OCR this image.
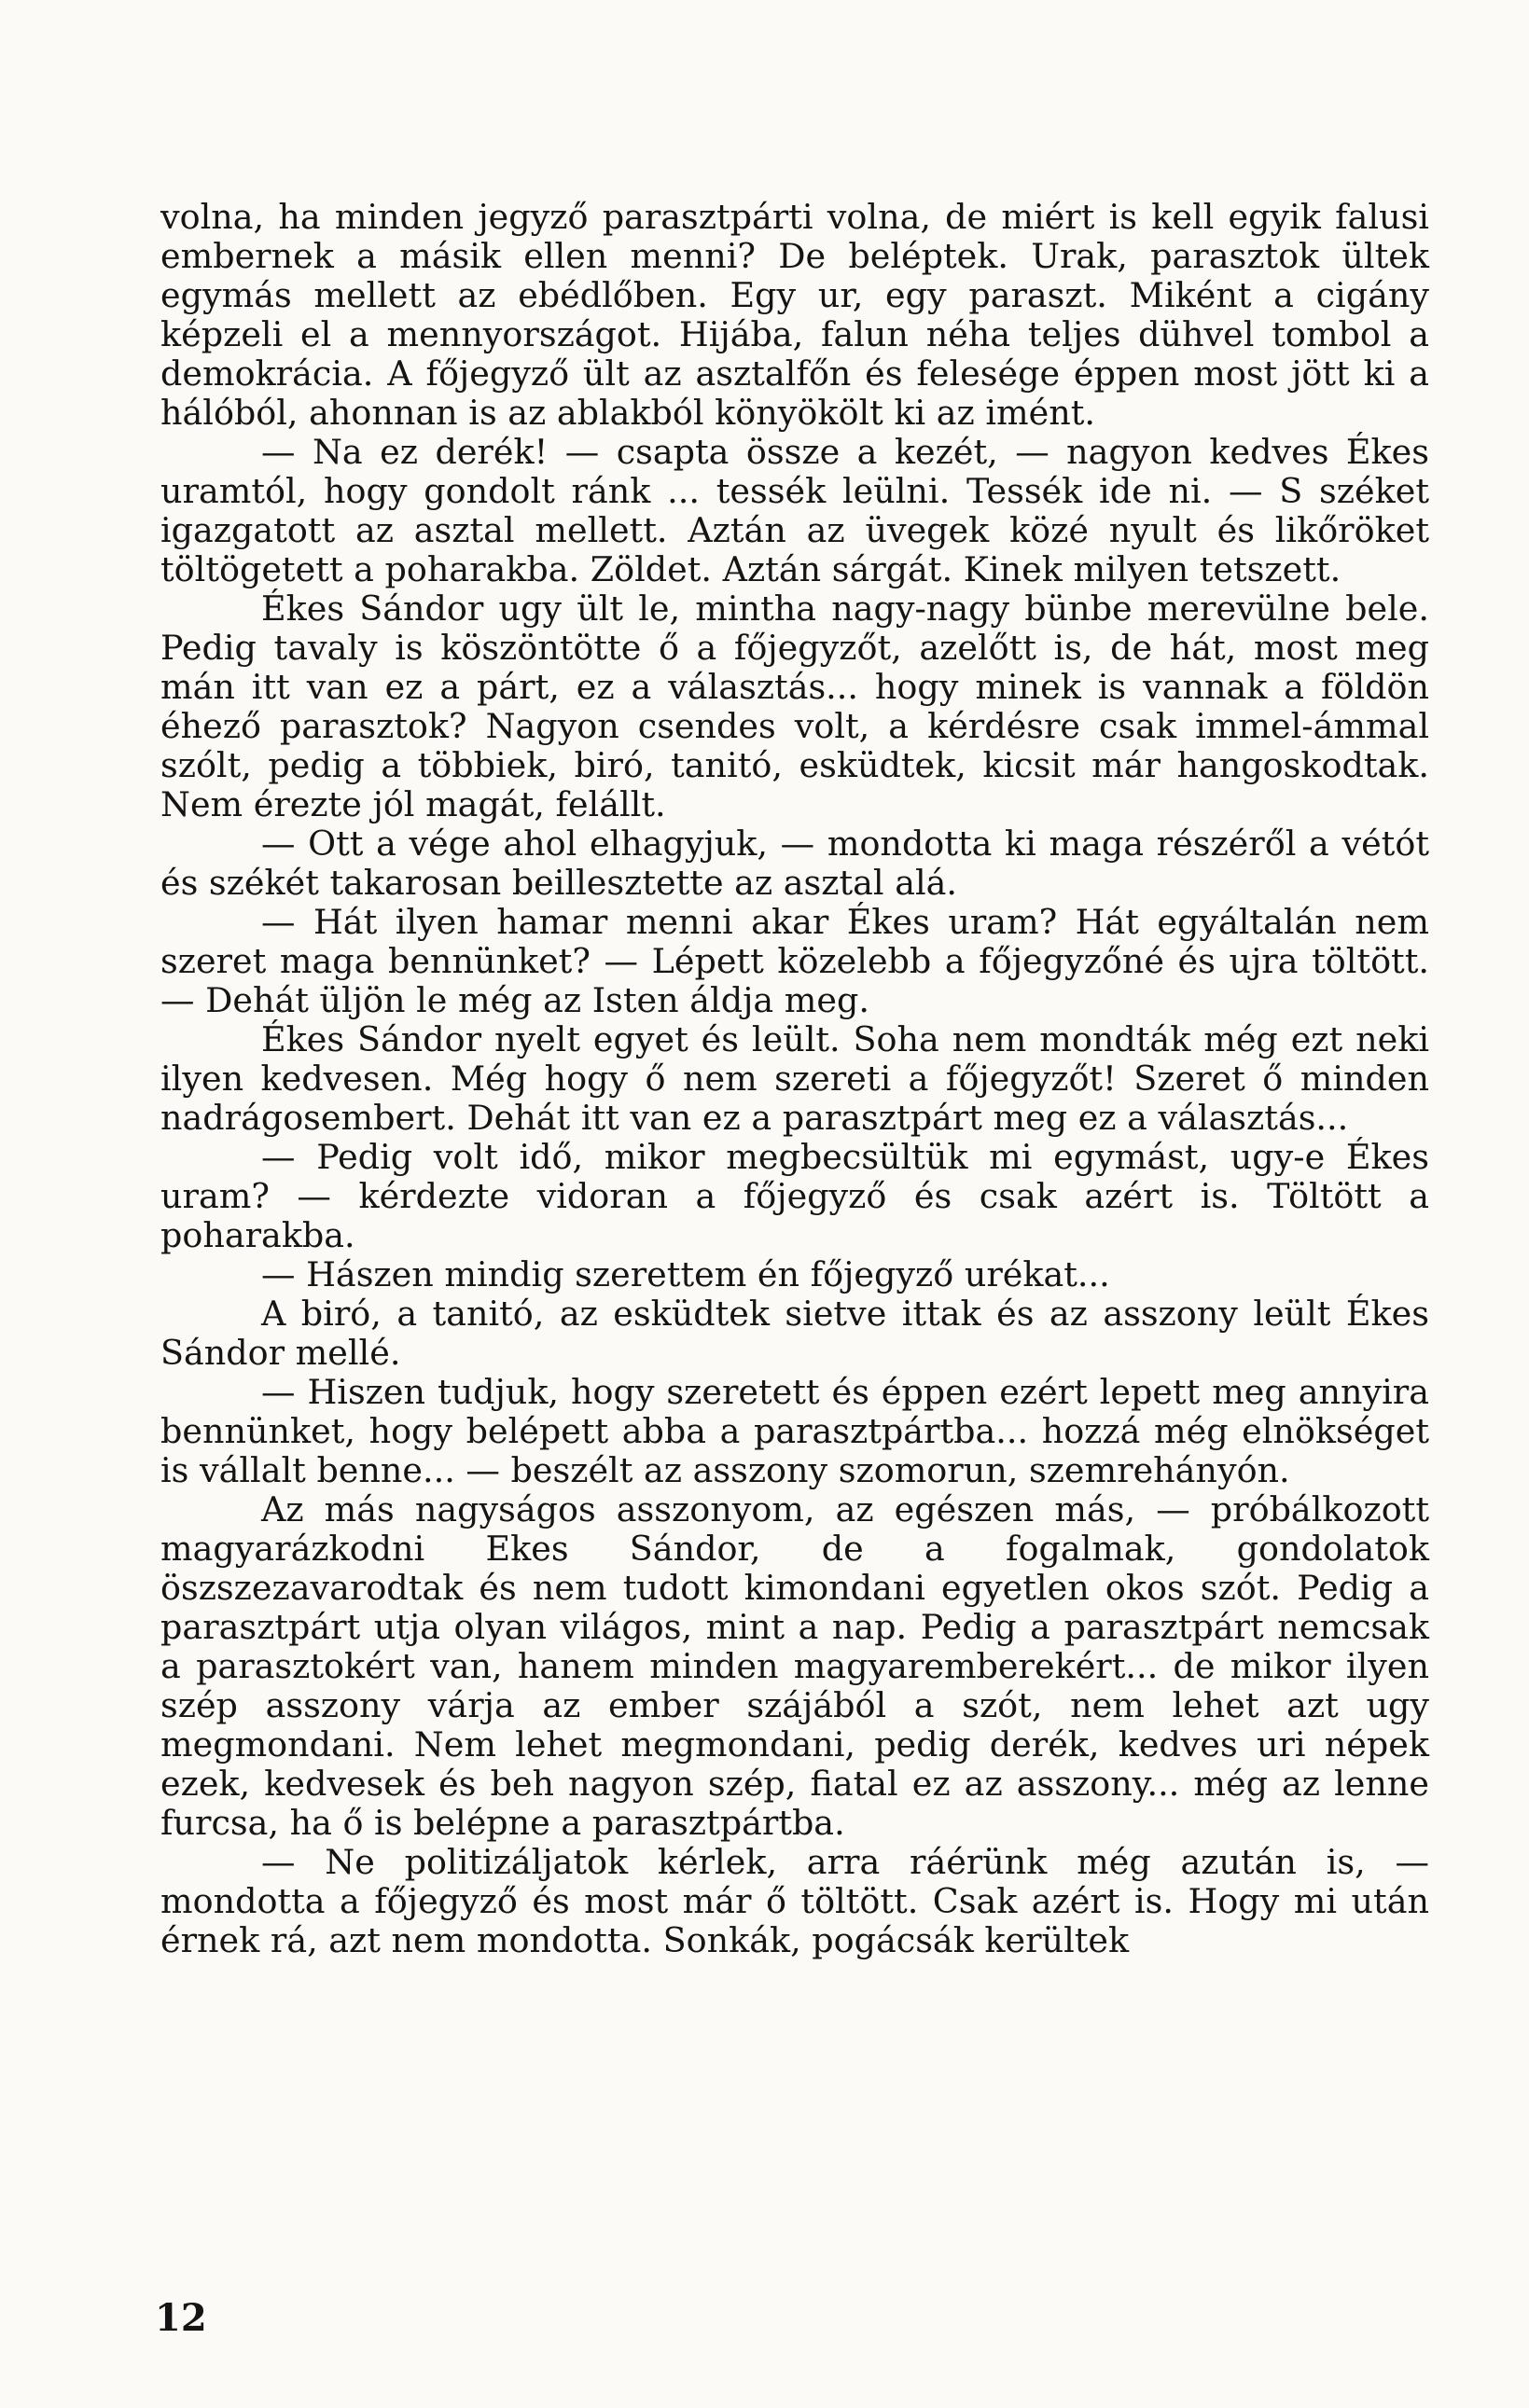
volna, ha minden jegyző parasztpárti volna, de miért is kell egyik falusi embernek a másik ellen menni? De beléptek. Urak, parasztok ültek egymás mellett az ebédlőben. Egy ur, egy paraszt. Miként a cigány képzeli el a mennyországot. Hijába, falun néha teljes dühvel tombol a demokrácia. A főjegyző ült az asztalfőn és felesége éppen most jött ki a hálóból, ahonnan is az ablakból könyökölt ki az imént.

— Na ez derék! — csapta össze a kezét, — nagyon kedves Ékes uramtól, hogy gondolt ránk ... tessék leülni. Tessék ide ni. — S széket igazgatott az asztal mellett. Aztán az üvegek közé nyult és likőröket töltögetett a poharakba. Zöldet. Aztán sárgát. Kinek milyen tetszett.

Ékes Sándor ugy ült le, mintha nagy-nagy bünbe merevülne bele. Pedig tavaly is köszöntötte ő a főjegyzőt, azelőtt is, de hát, most meg mán itt van ez a párt, ez a választás... hogy minek is vannak a földön éhező parasztok? Nagyon csendes volt, a kérdésre csak immel-ámmal szólt, pedig a többiek, biró, tanitó, esküdtek, kicsit már hangoskodtak. Nem érezte jól magát, felállt.

— Ott a vége ahol elhagyjuk, — mondotta ki maga részéről a vétót és székét takarosan beillesztette az asztal alá.

— Hát ilyen hamar menni akar Ékes uram? Hát egyáltalán nem szeret maga bennünket? — Lépett közelebb a főjegyzőné és ujra töltött. — Dehát üljön le még az Isten áldja meg.

Ékes Sándor nyelt egyet és leült. Soha nem mondták még ezt neki ilyen kedvesen. Még hogy ő nem szereti a főjegyzőt! Szeret ő minden nadrágosembert. Dehát itt van ez a parasztpárt meg ez a választás...

— Pedig volt idő, mikor megbecsültük mi egymást, ugy-e Ékes uram? — kérdezte vidoran a főjegyző és csak azért is. Töltött a poharakba.

— Hászen mindig szerettem én főjegyző urékat...

A biró, a tanitó, az esküdtek sietve ittak és az asszony leült Ékes Sándor mellé.

— Hiszen tudjuk, hogy szeretett és éppen ezért lepett meg annyira bennünket, hogy belépett abba a parasztpártba... hozzá még elnökséget is vállalt benne... — beszélt az asszony szomorun, szemrehányón.

Az más nagyságos asszonyom, az egészen más, — próbálkozott magyarázkodni Ekes Sándor, de a fogalmak, gondolatok öszszezavarodtak és nem tudott kimondani egyetlen okos szót. Pedig a parasztpárt utja olyan világos, mint a nap. Pedig a parasztpárt nemcsak a parasztokért van, hanem minden magyaremberekért... de mikor ilyen szép asszony várja az ember szájából a szót, nem lehet azt ugy megmondani. Nem lehet megmondani, pedig derék, kedves uri népek ezek, kedvesek és beh nagyon szép, fiatal ez az asszony... még az lenne furcsa, ha ő is belépne a parasztpártba.

— Ne politizáljatok kérlek, arra ráérünk még azután is, — mondotta a főjegyző és most már ő töltött. Csak azért is. Hogy mi után érnek rá, azt nem mondotta. Sonkák, pogácsák kerültek

12
